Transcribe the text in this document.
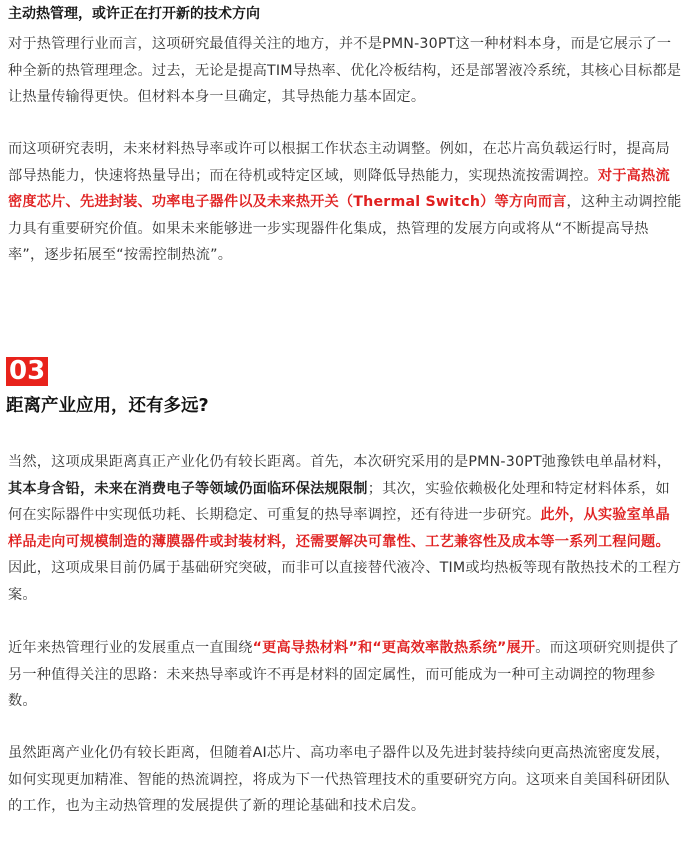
主动热管理，或许正在打开新的技术方向

对于热管理行业而言，这项研究最值得关注的地方，并不是PMN-30PT这一种材料本身，而是它展示了一种全新的热管理理念。过去，无论是提高TIM导热率、优化冷板结构，还是部署液冷系统，其核心目标都是让热量传输得更快。但材料本身一旦确定，其导热能力基本固定。

而这项研究表明，未来材料热导率或许可以根据工作状态主动调整。例如，在芯片高负载运行时，提高局部导热能力，快速将热量导出；而在待机或特定区域，则降低导热能力，实现热流按需调控。对于高热流密度芯片、先进封装、功率电子器件以及未来热开关（Thermal Switch）等方向而言，这种主动调控能力具有重要研究价值。如果未来能够进一步实现器件化集成，热管理的发展方向或将从“不断提高导热率”，逐步拓展至“按需控制热流”。

03
距离产业应用，还有多远?

当然，这项成果距离真正产业化仍有较长距离。首先，本次研究采用的是PMN-30PT弛豫铁电单晶材料，其本身含铅，未来在消费电子等领域仍面临环保法规限制；其次，实验依赖极化处理和特定材料体系，如何在实际器件中实现低功耗、长期稳定、可重复的热导率调控，还有待进一步研究。此外，从实验室单晶样品走向可规模制造的薄膜器件或封装材料，还需要解决可靠性、工艺兼容性及成本等一系列工程问题。因此，这项成果目前仍属于基础研究突破，而非可以直接替代液冷、TIM或均热板等现有散热技术的工程方案。

近年来热管理行业的发展重点一直围绕“更高导热材料”和“更高效率散热系统”展开。而这项研究则提供了另一种值得关注的思路：未来热导率或许不再是材料的固定属性，而可能成为一种可主动调控的物理参数。

虽然距离产业化仍有较长距离，但随着AI芯片、高功率电子器件以及先进封装持续向更高热流密度发展，如何实现更加精准、智能的热流调控，将成为下一代热管理技术的重要研究方向。这项来自美国科研团队的工作，也为主动热管理的发展提供了新的理论基础和技术启发。
